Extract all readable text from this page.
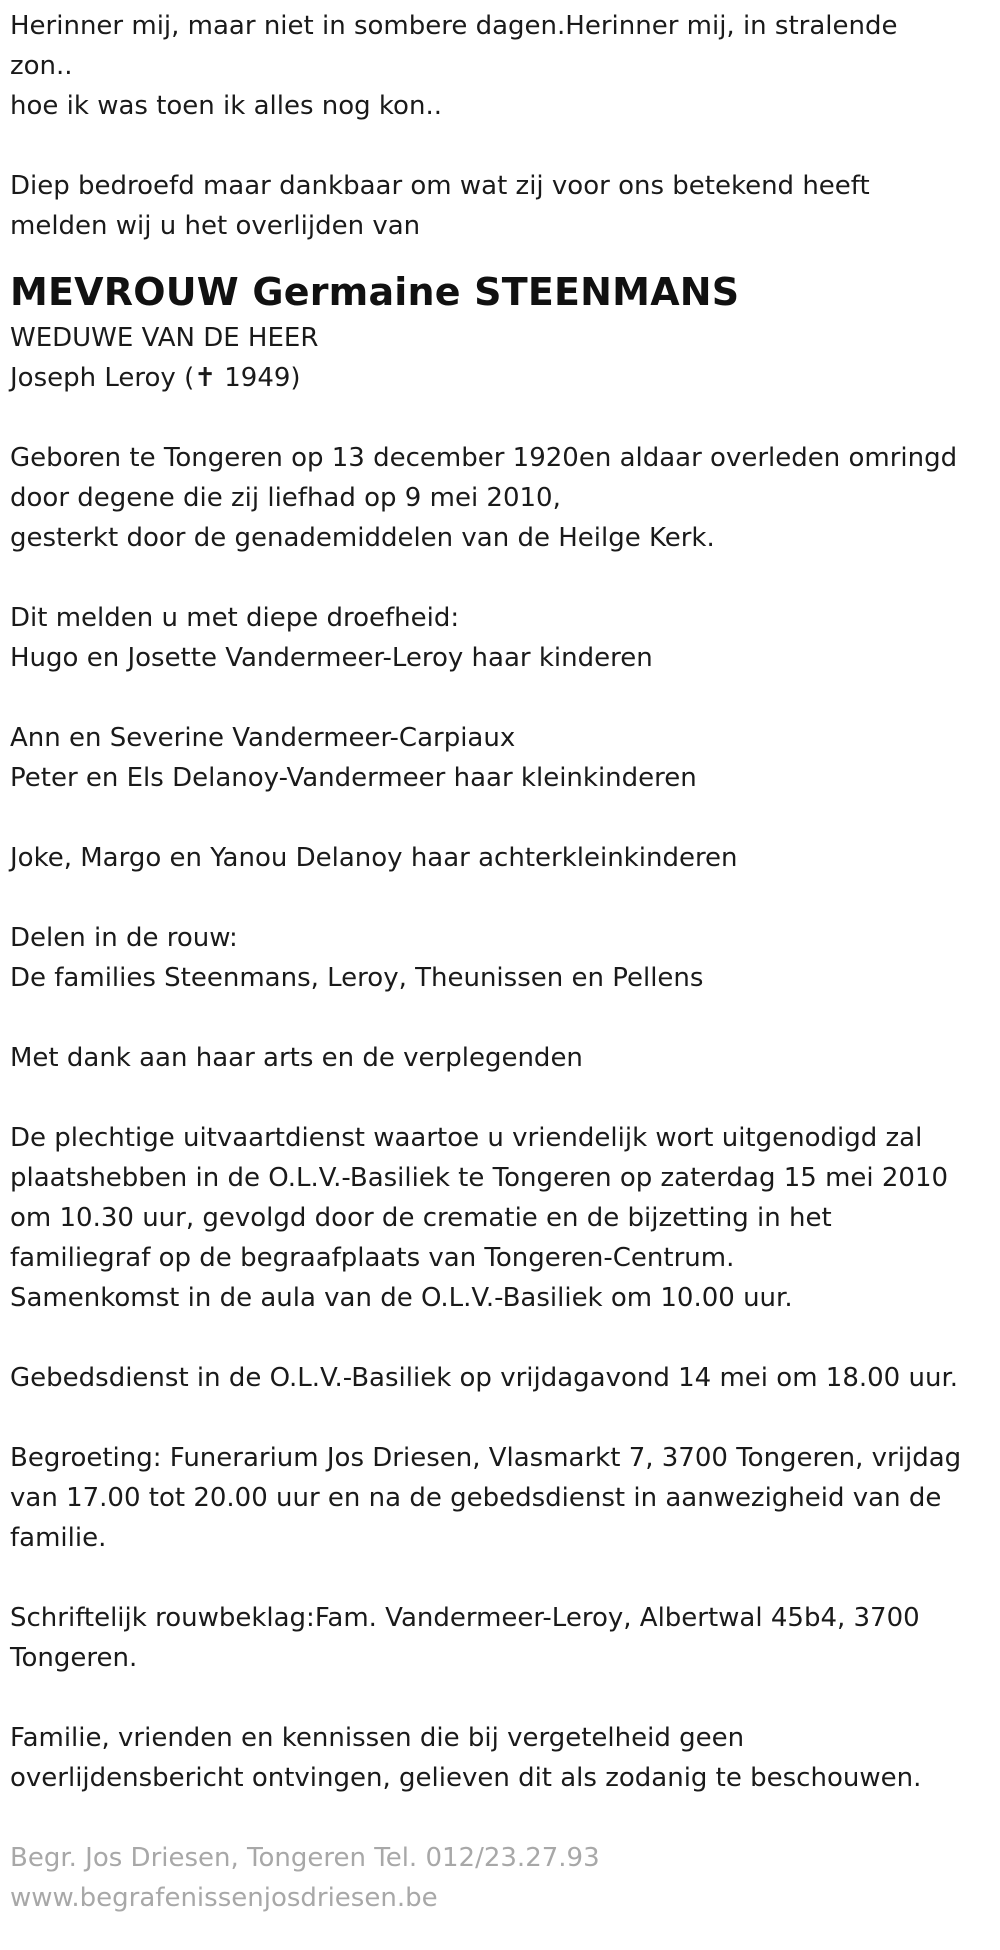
Herinner mij, maar niet in sombere dagen.Herinner mij, in stralende
zon..
hoe ik was toen ik alles nog kon..
Diep bedroefd maar dankbaar om wat zij voor ons betekend heeft
melden wij u het overlijden van
MEVROUW Germaine STEENMANS
WEDUWE VAN DE HEER
Joseph Leroy (✝ 1949)
Geboren te Tongeren op 13 december 1920en aldaar overleden omringd
door degene die zij liefhad op 9 mei 2010,
gesterkt door de genademiddelen van de Heilge Kerk.
Dit melden u met diepe droefheid:
Hugo en Josette Vandermeer-Leroy haar kinderen
Ann en Severine Vandermeer-Carpiaux
Peter en Els Delanoy-Vandermeer haar kleinkinderen
Joke, Margo en Yanou Delanoy haar achterkleinkinderen
Delen in de rouw:
De families Steenmans, Leroy, Theunissen en Pellens
Met dank aan haar arts en de verplegenden
De plechtige uitvaartdienst waartoe u vriendelijk wort uitgenodigd zal
plaatshebben in de O.L.V.-Basiliek te Tongeren op zaterdag 15 mei 2010
om 10.30 uur, gevolgd door de crematie en de bijzetting in het
familiegraf op de begraafplaats van Tongeren-Centrum.
Samenkomst in de aula van de O.L.V.-Basiliek om 10.00 uur.
Gebedsdienst in de O.L.V.-Basiliek op vrijdagavond 14 mei om 18.00 uur.
Begroeting: Funerarium Jos Driesen, Vlasmarkt 7, 3700 Tongeren, vrijdag
van 17.00 tot 20.00 uur en na de gebedsdienst in aanwezigheid van de
familie.
Schriftelijk rouwbeklag:Fam. Vandermeer-Leroy, Albertwal 45b4, 3700
Tongeren.
Familie, vrienden en kennissen die bij vergetelheid geen
overlijdensbericht ontvingen, gelieven dit als zodanig te beschouwen.
Begr. Jos Driesen, Tongeren Tel. 012/23.27.93
www.begrafenissenjosdriesen.be
